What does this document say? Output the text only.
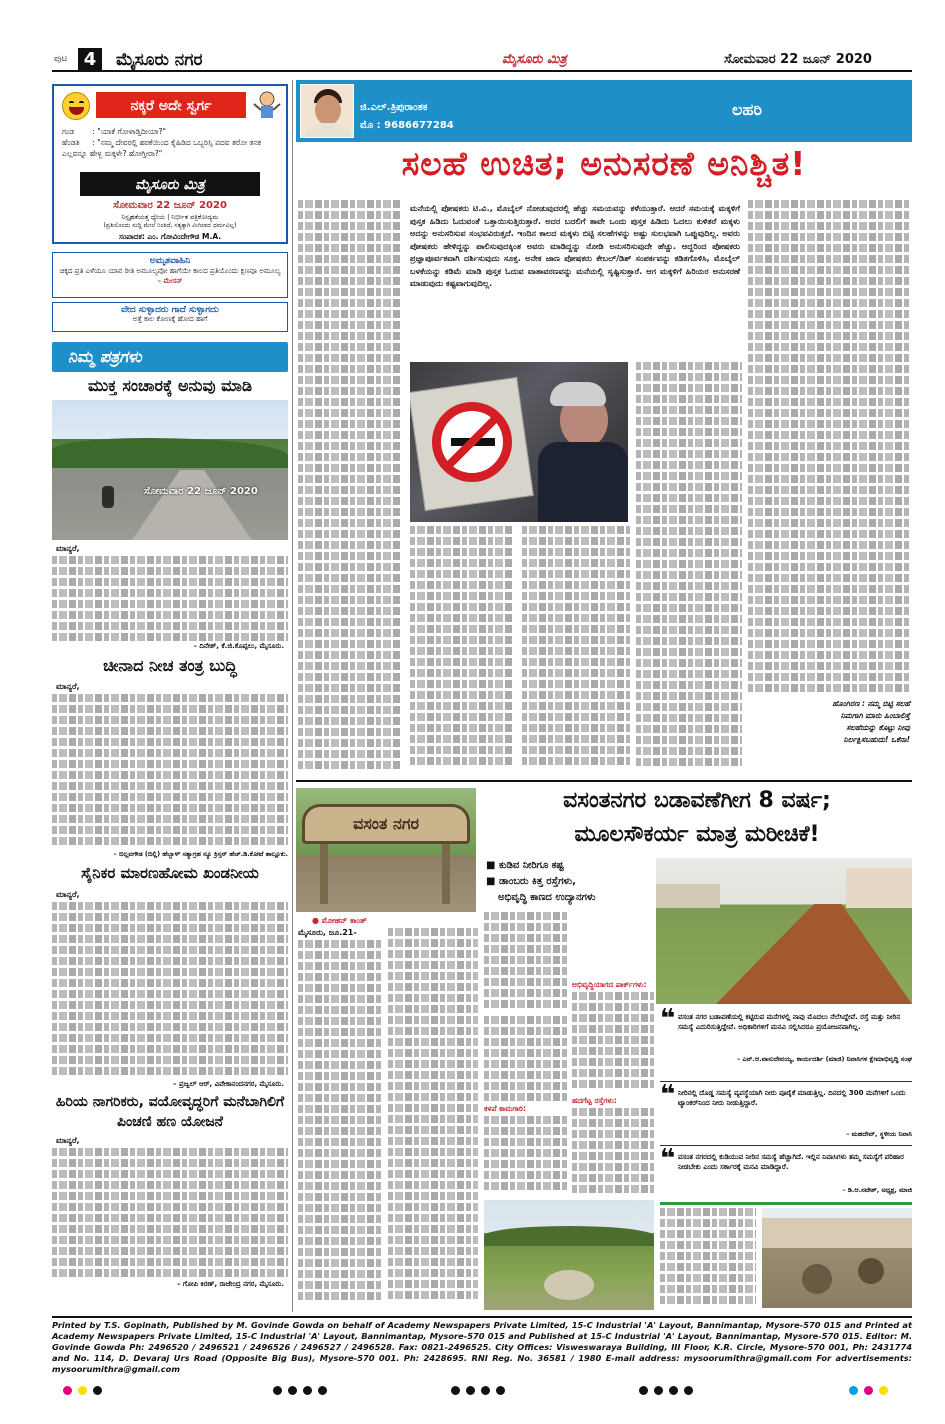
ಪುಟ 4	ಮೈಸೂರು ನಗರ	ಮೈಸೂರು ಮಿತ್ರ	ಸೋಮವಾರ 22 ಜೂನ್ 2020
ನಕ್ಕರೆ ಅದೇ ಸ್ವರ್ಗ
ಗಂಡ : "ಯಾಕೆ ಗೋಳಾಡ್ತಿದೀಯಾ?"
ಹೆಂಡತಿ : "ನಮ್ಮ ದೇವರಲ್ಲಿ ಹರಕೆಯಿಂದ ಕೈಹಿಡಿದ ಒಬ್ಬರಿಸ್ಸಿ ಪದವ ತರೋ ತನಕ ಎಲ್ಲವನ್ನೂ ಹೇಳ್ಬ ಮಕ್ಕಳೇ? ಹೋಗ್ತೀರಾ?"
ಮೈಸೂರು ಮಿತ್ರ
ಸೋಮವಾರ 22 ಜೂನ್ 2020
ನಿಸ್ಪೃಹತೆಯತ್ತ ಧ್ಯೇಯ | ನಿರ್ಭೀತ ಪತ್ರಿಕೋದ್ಯಮ
(ಪ್ರತಿಯೊಂದು ಸುದ್ದಿ ಮೇಲೆ ನಿಂತಿದೆ, ಸತ್ಯಕ್ಕಾಗಿ ಮಿಗಿಲಾದ ಧರ್ಮವಿಲ್ಲ)
ಸಂಪಾದಕ: ಎಂ. ಗೋವಿಂದೇಗೌಡ M.A.
ಅಮೃತವಾಹಿನಿ
ಚಿಕ್ಕದ ಪ್ರತಿ ಎಳೆಯೂ ಯಾವ ರೀತಿ ಅಮೂಲ್ಯವೋ ಹಾಗೆಯೇ ಕಾಲದ ಪ್ರತಿಯೊಂದು ಕ್ಷಣವೂ ಅಮೂಲ್ಯ – ಮೇಸನ್
ವೇದ ಸುಳ್ಳಾದರು ಗಾದೆ ಸುಳ್ಳಾಗದು
ಅತ್ತೆ ಕಾಲ ಕೋಣಕ್ಕೆ ಹೋದ ಹಾಗೆ
ನಿಮ್ಮ ಪತ್ರಗಳು
ಮುಕ್ತ ಸಂಚಾರಕ್ಕೆ ಅನುವು ಮಾಡಿ
ಸೋಮವಾರ 22 ಜೂನ್ 2020
ಮಾನ್ಯರೆ,
– ದಿನೇಶ್, ಕೆ.ಜಿ.ಕೊಪ್ಪಲು, ಮೈಸೂರು.
ಚೀನಾದ ನೀಚ ತಂತ್ರ ಬುದ್ಧಿ
ಮಾನ್ಯರೆ,
– ಬಿಲ್ಲವಗೌಡ (ಬಿಲ್ಲಿ) ಹೆಬ್ಬಾಳ್ ಸತ್ಯಾಗ್ರಹ ನ್ಯೂ ಕ್ರಿಸ್ತನ್ ಹೆಚ್.ಡಿ.ಕೋಟೆ ತಾಲ್ಲೂಕು.
ಸೈನಿಕರ ಮಾರಣಹೋಮ ಖಂಡನೀಯ
ಮಾನ್ಯರೆ,
– ಪ್ರಜ್ವಲ್ ಆರ್, ವಿವೇಕಾನಂದನಗರ, ಮೈಸೂರು.
ಹಿರಿಯ ನಾಗರಿಕರು, ವಯೋವೃದ್ಧರಿಗೆ ಮನೆಬಾಗಿಲಿಗೆ ಪಿಂಚಣಿ ಹಣ ಯೋಜನೆ
ಮಾನ್ಯರೆ,
– ಗೋಪಿ ಕಿರಣ್, ರಾಜೇಂದ್ರ ನಗರ, ಮೈಸೂರು.
ಜಿ.ಎಲ್.ತ್ರಿಪುರಾಂತಕ
ಮೊ : 9686677284
ಲಹರಿ
ಸಲಹೆ ಉಚಿತ; ಅನುಸರಣೆ ಅನಿಶ್ಚಿತ!
ಮನೆಯಲ್ಲಿ ಪೋಷಕರು ಟಿ.ವಿ., ಮೊಬೈಲ್ ನೋಡುವುದರಲ್ಲಿ ಹೆಚ್ಚು ಸಮಯವನ್ನು ಕಳೆಯುತ್ತಾರೆ. ಆದರೆ ಸಮಯಕ್ಕೆ ಮಕ್ಕಳಿಗೆ ಪುಸ್ತಕ ಹಿಡಿದು ಓದುವಂತೆ ಒತ್ತಾಯಿಸುತ್ತಿರುತ್ತಾರೆ. ಅದರ ಬದಲಿಗೆ ತಾವೇ ಒಂದು ಪುಸ್ತಕ ಹಿಡಿದು ಓದಲು ಕುಳಿತರೆ ಮಕ್ಕಳು ಅದನ್ನು ಅನುಸರಿಸುವ ಸಂಭವವಿರುತ್ತದೆ. ಇಂದಿನ ಕಾಲದ ಮಕ್ಕಳು ಬಿಟ್ಟಿ ಸಲಹೆಗಳನ್ನು ಅಷ್ಟು ಸುಲಭವಾಗಿ ಒಪ್ಪುವುದಿಲ್ಲ. ಅವರು ಪೋಷಕರು ಹೇಳಿದ್ದನ್ನು ಪಾಲಿಸುವುದಕ್ಕಿಂತ ಅವರು ಮಾಡಿದ್ದನ್ನು ನೋಡಿ ಅನುಸರಿಸುವುದೇ ಹೆಚ್ಚು. ಆದ್ದರಿಂದ ಪೋಷಕರು ಪ್ರಜ್ಞಾಪೂರ್ವಕವಾಗಿ ದರ್ಶಿಸುವುದು ಸೂಕ್ತ. ಅನೇಕ ಜಾಣ ಪೋಷಕರು ಕೇಬಲ್/ಡಿಶ್ ಸಂಪರ್ಕವನ್ನು ಕಡಿತಗೊಳಿಸಿ, ಮೊಬೈಲ್ ಬಳಕೆಯನ್ನು ಕಡಿಮೆ ಮಾಡಿ ಪುಸ್ತಕ ಓದುವ ವಾತಾವರಣವನ್ನು ಮನೆಯಲ್ಲಿ ಸೃಷ್ಟಿಸುತ್ತಾರೆ. ಆಗ ಮಕ್ಕಳಿಗೆ ಹಿರಿಯರ ಅನುಸರಣೆ ಮಾಡುವುದು ಕಷ್ಟವಾಗುವುದಿಲ್ಲ.
ಹೊಂಗಿರಣ : ನಮ್ಮ ಬಿಟ್ಟಿ ಸಲಹೆ
ನಿಮಗಾಗಿ ಮಾರು ಹಿಂಬಾಲಿಸ್ತೆ
ಸಲಹೆಯನ್ನು ಕೊಟ್ಟು ನೀವು
ನಿರ್ಲಕ್ಷಿಸಬಹುದು! ಒಕೆನಾ!
ವಸಂತ ನಗರ
● ಮೋಹನ್ ಕಾಂತ್
ವಸಂತನಗರ ಬಡಾವಣೆಗೀಗ 8 ವರ್ಷ;
ಮೂಲಸೌಕರ್ಯ ಮಾತ್ರ ಮರೀಚಿಕೆ!
■ ಕುಡಿವ ನೀರಿಗೂ ಕಷ್ಟ
■ ಡಾಂಬರು ಕಿತ್ತ ರಸ್ತೆಗಳು,
ಅಭಿವೃದ್ಧಿ ಕಾಣದ ಉದ್ಯಾನಗಳು
ಮೈಸೂರು, ಜೂ.21-
ಅಭಿವೃದ್ಧಿಯಾಗದ ಪಾರ್ಕ್‌ಗಳು:
ಕಳಪೆ ಕಾಮಗಾರಿ:
ಹದಗೆಟ್ಟ ರಸ್ತೆಗಳು:
❝ ವಸಂತ ನಗರ ಬಡಾವಣೆಯಲ್ಲಿ ಕಟ್ಟಿರುವ ಮನೆಗಳಲ್ಲಿ ನಾವು ಮೊದಲು ನೆಲೆಸಿದ್ದೇವೆ. ರಸ್ತೆ ಮತ್ತು ನೀರಿನ ಸಮಸ್ಯೆ ಎದುರಿಸುತ್ತಿದ್ದೇವೆ. ಅಧಿಕಾರಿಗಳಿಗೆ ಮನವಿ ಸಲ್ಲಿಸಿದರೂ ಪ್ರಯೋಜನವಾಗಿಲ್ಲ.
– ಎನ್.ಆ.ವಾಸುದೇವಯ್ಯ, ಕಾರ್ಯದರ್ಶಿ (ಮಾಜಿ) ನಿವಾಸಿಗಳ ಕ್ಷೇಮಾಭಿವೃದ್ಧಿ ಸಂಘ
❝ ನೀರಿನಲ್ಲಿ ದೊಡ್ಡ ಸಮಸ್ಯೆ ವ್ಯವಸ್ಥೆಯಾಗಿ ನೀರು ಪೂರೈಕೆ ಮಾಡುತ್ತಿಲ್ಲ. ದಿನದಲ್ಲಿ 300 ಮನೆಗಳಿಗೆ ಒಂದು ಟ್ಯಾಂಕರ್‌ನಿಂದ ನೀರು ನೀಡುತ್ತಿದ್ದಾರೆ.
– ಮಹದೇವ್, ಸ್ಥಳೀಯ ನಿವಾಸಿ
❝ ವಸಂತ ನಗರದಲ್ಲಿ ಕುಡಿಯುವ ನೀರಿನ ಸಮಸ್ಯೆ ಹೆಚ್ಚಾಗಿದೆ. ಇಲ್ಲಿನ ನಿವಾಸಿಗಳು ತಮ್ಮ ಸಮಸ್ಯೆಗೆ ಪರಿಹಾರ ನೀಡಬೇಕು ಎಂದು ಸರ್ಕಾರಕ್ಕೆ ಮನವಿ ಮಾಡಿದ್ದಾರೆ.
– ಡಿ.ಆ.ನಟೇಶ್, ಅಧ್ಯಕ್ಷ, ಮಾಜಿ
Printed by T.S. Gopinath, Published by M. Govinde Gowda on behalf of Academy Newspapers Private Limited, 15-C Industrial 'A' Layout, Bannimantap, Mysore-570 015 and Printed at Academy Newspapers Private Limited, 15-C Industrial 'A' Layout, Bannimantap, Mysore-570 015 and Published at 15-C Industrial 'A' Layout, Bannimantap, Mysore-570 015. Editor: M. Govinde Gowda Ph: 2496520 / 2496521 / 2496526 / 2496527 / 2496528. Fax: 0821-2496525. City Offices: Visweswaraya Building, III Floor, K.R. Circle, Mysore-570 001, Ph: 2431774 and No. 114, D. Devaraj Urs Road (Opposite Big Bus), Mysore-570 001. Ph: 2428695. RNI Reg. No. 36581 / 1980 E-mail address: mysoorumithra@gmail.com For advertisements: mysoorumithra@gmail.com
